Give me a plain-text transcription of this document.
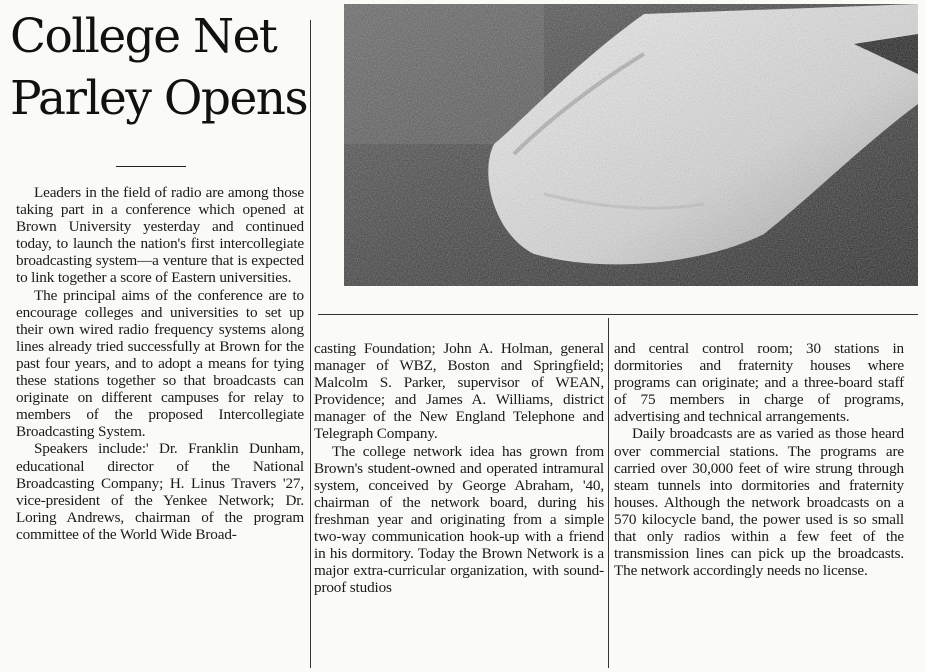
College Net
Parley Opens

Leaders in the field of radio are among those taking part in a conference which opened at Brown University yesterday and continued today, to launch the nation's first intercollegiate broadcasting system—a venture that is expected to link together a score of Eastern universities.

The principal aims of the conference are to encourage colleges and universities to set up their own wired radio frequency systems along lines already tried successfully at Brown for the past four years, and to adopt a means for tying these stations together so that broadcasts can originate on different campuses for relay to members of the proposed Intercollegiate Broadcasting System.

Speakers include:' Dr. Franklin Dunham, educational director of the National Broadcasting Company; H. Linus Travers '27, vice-president of the Yenkee Network; Dr. Loring Andrews, chairman of the program committee of the World Wide Broad-

casting Foundation; John A. Holman, general manager of WBZ, Boston and Springfield; Malcolm S. Parker, supervisor of WEAN, Providence; and James A. Williams, district manager of the New England Telephone and Telegraph Company.

The college network idea has grown from Brown's student-owned and operated intramural system, conceived by George Abraham, '40, chairman of the network board, during his freshman year and originating from a simple two-way communication hook-up with a friend in his dormitory. Today the Brown Network is a major extra-curricular organization, with sound-proof studios

and central control room; 30 stations in dormitories and fraternity houses where programs can originate; and a three-board staff of 75 members in charge of programs, advertising and technical arrangements.

Daily broadcasts are as varied as those heard over commercial stations. The programs are carried over 30,000 feet of wire strung through steam tunnels into dormitories and fraternity houses. Although the network broadcasts on a 570 kilocycle band, the power used is so small that only radios within a few feet of the transmission lines can pick up the broadcasts. The network accordingly needs no license.
